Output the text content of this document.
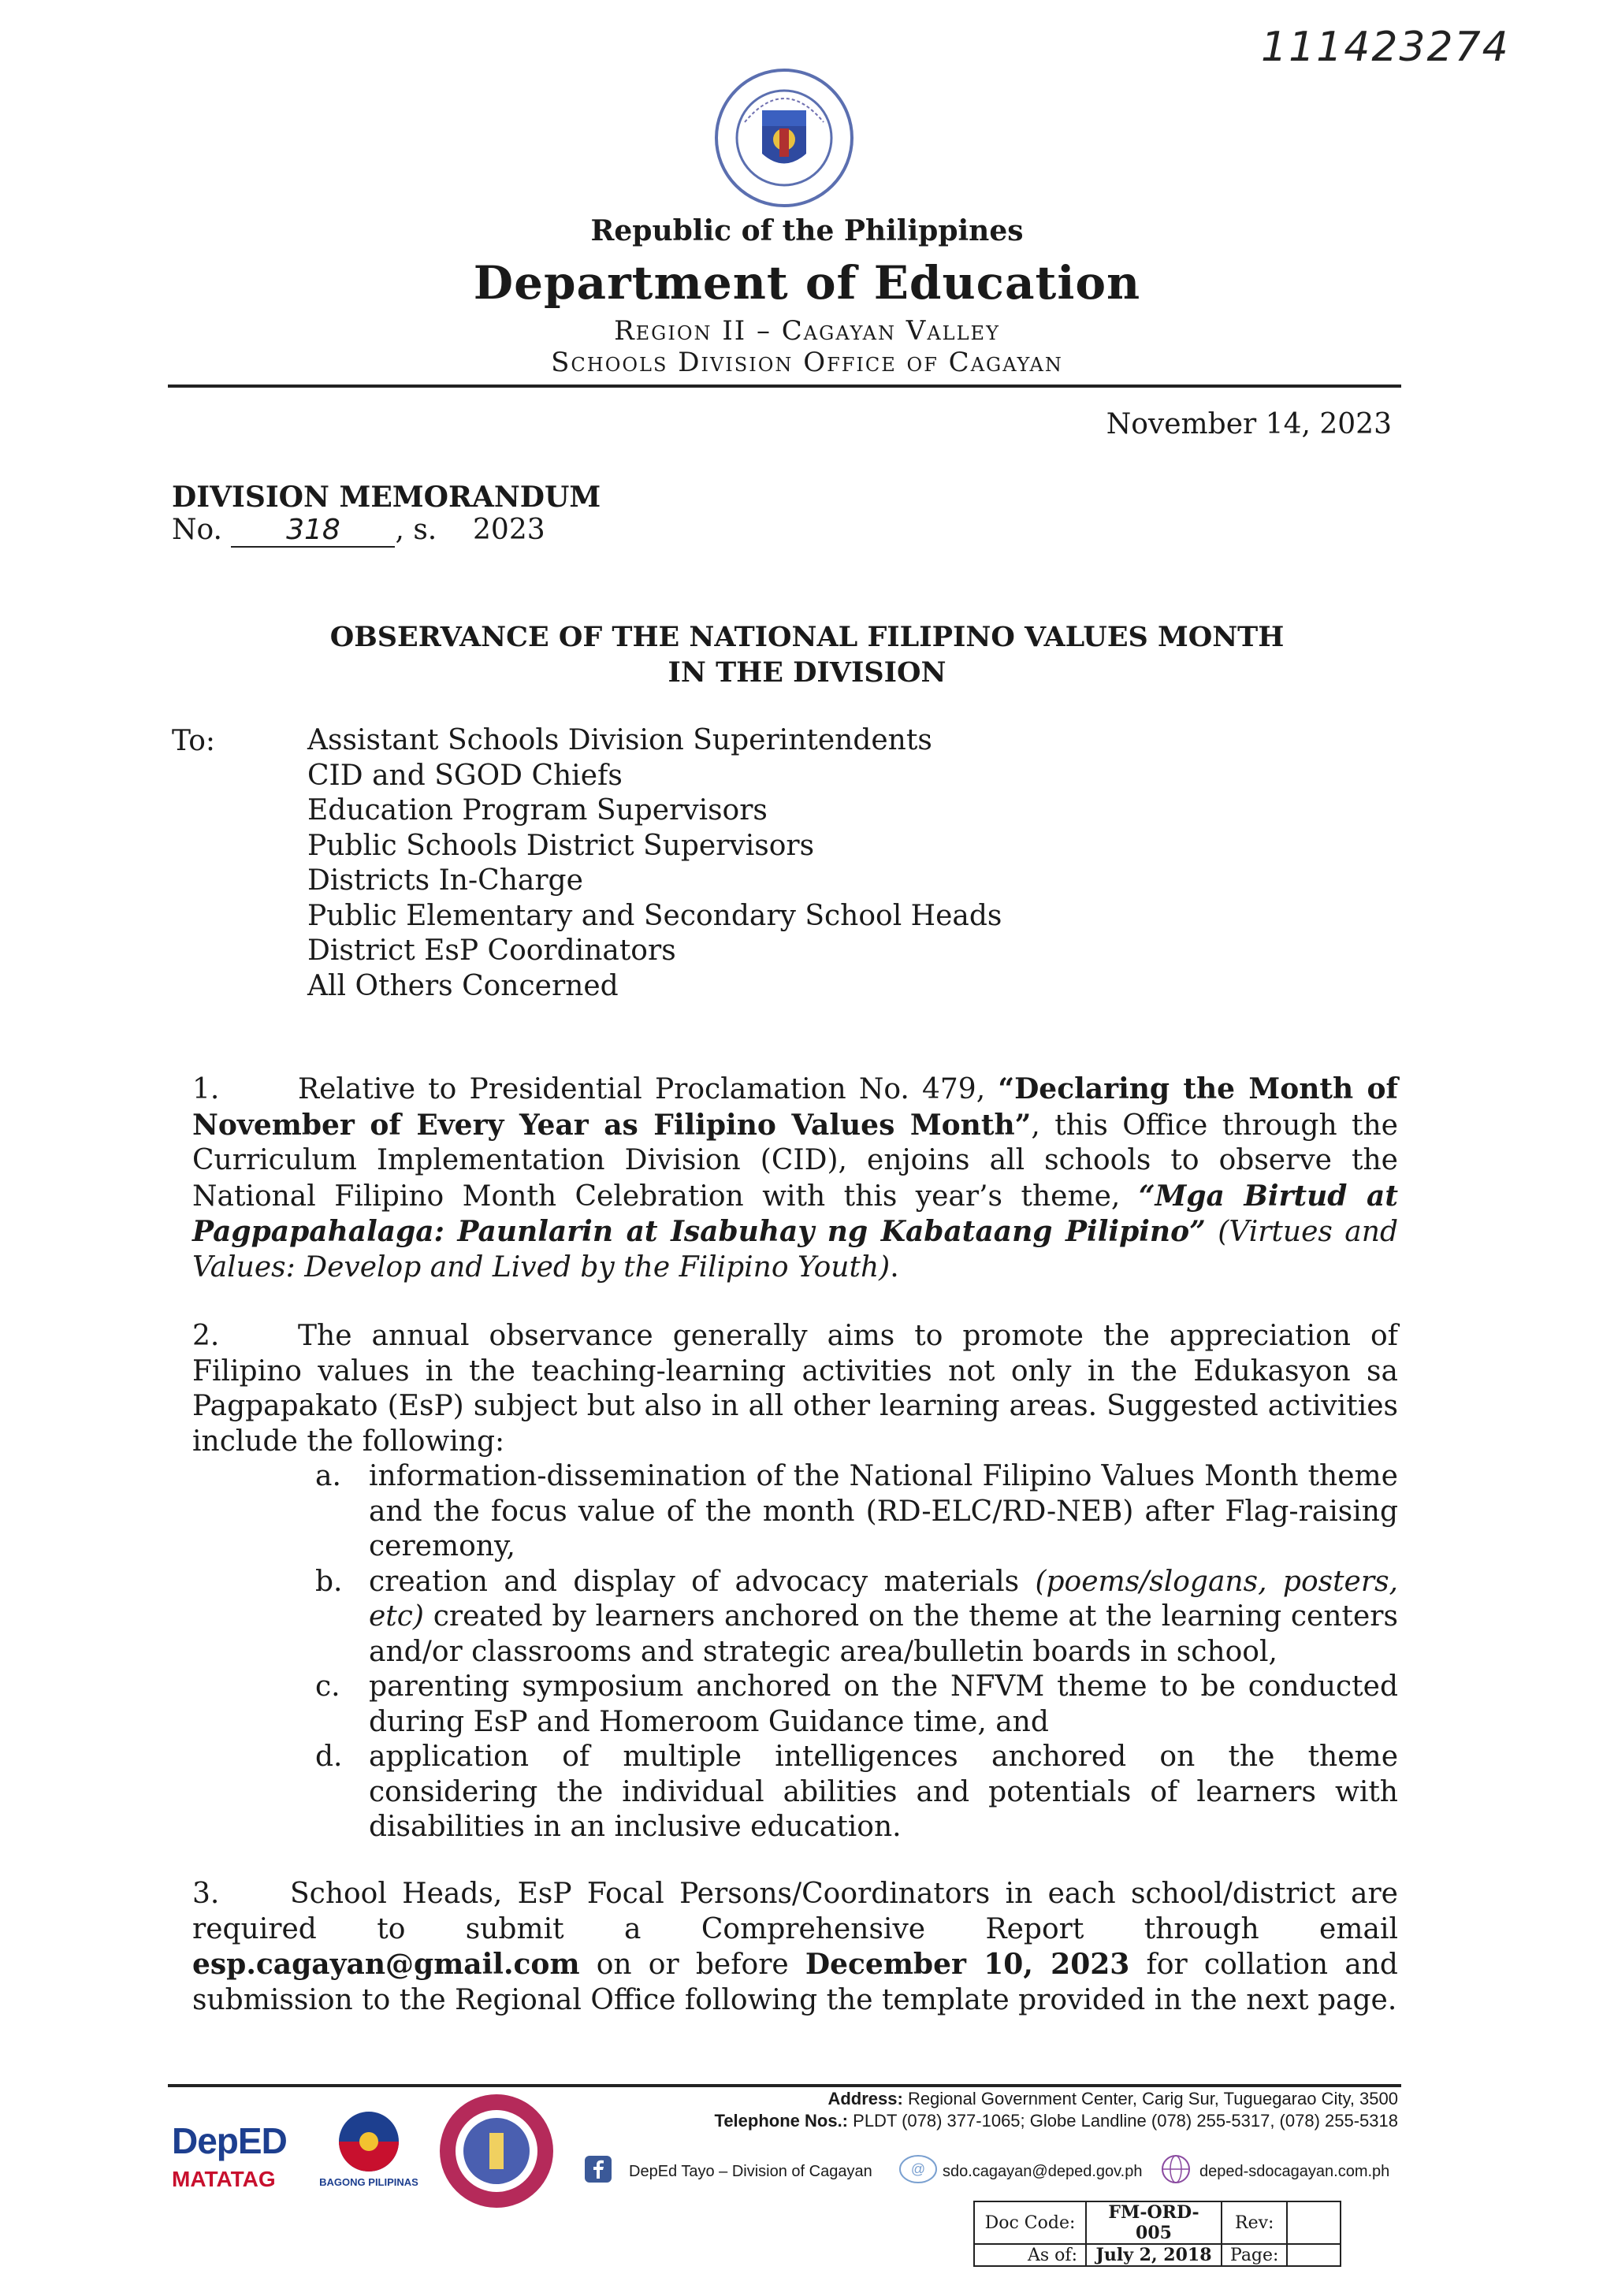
111423274
Republic of the Philippines
Department of Education
Region II – Cagayan Valley
Schools Division Office of Cagayan
November 14, 2023
DIVISION MEMORANDUM
No. 318 , s. 2023
OBSERVANCE OF THE NATIONAL FILIPINO VALUES MONTH
IN THE DIVISION
To:	Assistant Schools Division Superintendents
CID and SGOD Chiefs
Education Program Supervisors
Public Schools District Supervisors
Districts In-Charge
Public Elementary and Secondary School Heads
District EsP Coordinators
All Others Concerned
1.	Relative to Presidential Proclamation No. 479, “Declaring the Month of November of Every Year as Filipino Values Month”, this Office through the Curriculum Implementation Division (CID), enjoins all schools to observe the National Filipino Month Celebration with this year’s theme, “Mga Birtud at Pagpapahalaga: Paunlarin at Isabuhay ng Kabataang Pilipino” (Virtues and Values: Develop and Lived by the Filipino Youth).
2.	The annual observance generally aims to promote the appreciation of Filipino values in the teaching-learning activities not only in the Edukasyon sa Pagpapakato (EsP) subject but also in all other learning areas. Suggested activities include the following:
a. information-dissemination of the National Filipino Values Month theme and the focus value of the month (RD-ELC/RD-NEB) after Flag-raising ceremony,
b. creation and display of advocacy materials (poems/slogans, posters, etc) created by learners anchored on the theme at the learning centers and/or classrooms and strategic area/bulletin boards in school,
c. parenting symposium anchored on the NFVM theme to be conducted during EsP and Homeroom Guidance time, and
d. application of multiple intelligences anchored on the theme considering the individual abilities and potentials of learners with disabilities in an inclusive education.
3. School Heads, EsP Focal Persons/Coordinators in each school/district are required to submit a Comprehensive Report through email esp.cagayan@gmail.com on or before December 10, 2023 for collation and submission to the Regional Office following the template provided in the next page.
DepED
MATATAG	BAGONG PILIPINAS
Address: Regional Government Center, Carig Sur, Tuguegarao City, 3500
Telephone Nos.: PLDT (078) 377-1065; Globe Landline (078) 255-5317, (078) 255-5318
DepEd Tayo – Division of Cagayan	@ sdo.cagayan@deped.gov.ph	deped-sdocagayan.com.ph
Doc Code:	FM-ORD-005	Rev:	
As of:	July 2, 2018	Page:	
